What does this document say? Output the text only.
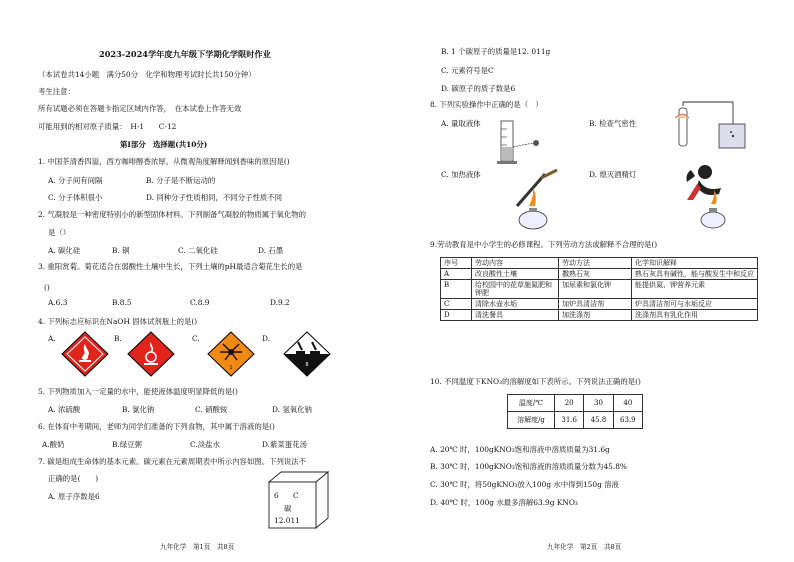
2023-2024学年度九年级下学期化学限时作业
（本试卷共14小题　满分50分　化学和物理考试时长共150分钟）
考生注意：
所有试题必须在答题卡指定区域内作答，　在本试卷上作答无效
可能用到的相对原子质量：　H-1　　C-12
第Ⅰ部分　选择题(共10分)
1. 中国茶清香四溢，西方咖啡醇香浓厚。从微观角度解释闻到香味的原因是()
A. 分子间有间隔	B. 分子是不断运动的
C. 分子体积很小	D. 同种分子性质相同，不同分子性质不同
2. 气凝胶是一种密度特别小的新型固体材料。下列制备气凝胶的物质属于氧化物的
是（）
A. 碳化硅	B. 铜	C. 二氧化硅	D. 石墨
3. 重阳赏菊。菊花适合在弱酸性土壤中生长，下列土壤的pH最适合菊花生长的是
()
A.6.3	B.8.5	C.8.9	D.9.2
4. 下列标志应标识在NaOH 固体试剂瓶上的是()
A.	B.	C.	D.
1	8
5. 下列物质加入一定量的水中，能使液体温度明显降低的是()
A. 浓硫酸	B. 氯化钠	C. 硝酸铵	D. 氢氧化钠
6. 在体育中考期间，老师为同学们准备的下列食物，其中属于溶液的是()
A.酸奶	B.绿豆粥	C.淡盐水	D.紫菜蛋花汤
7. 碳是组成生命体的基本元素。碳元素在元素周期表中所示内容如图。下列说法不
正确的是(　　)
A. 原子序数是6	6 C
碳
12.011
九年化学　第1页　共8页
B. 1 个碳原子的质量是12. 011g
C. 元素符号是C
D. 碳原子的质子数是6
8. 下列实验操作中正确的是（　）
A. 量取液体	B. 检查气密性
C. 加热液体	D. 熄灭酒精灯
9.劳动教育是中小学生的必修课程。下列劳动方法或解释不合理的是()
序号	劳动内容	劳动方法	化学知识解释
A	改良酸性土壤	撒熟石灰	熟石灰具有碱性，能与酸发生中和反应
B	给校园中的花草施氮肥和钾肥	加尿素和氯化钾	能提供氮、钾营养元素
C	清除水壶水垢	加炉具清洁剂	炉具清洁剂可与水垢反应
D	清洗餐具	加洗涤剂	洗涤剂具有乳化作用
10. 不同温度下KNO₃的溶解度如下表所示。下列说法正确的是()
温度/℃	20	30	40
溶解度/g	31.6	45.8	63.9
A. 20℃ 时，100gKNO₃饱和溶液中溶质质量为31.6g
B. 30℃ 时，100gKNO₃饱和溶液的溶质质量分数为45.8%
C. 30℃ 时，将50gKNO₃放入100g 水中得到150g 溶液
D. 40℃ 时，100g 水最多溶解63.9g KNO₃
九年化学　第2页　共8页
